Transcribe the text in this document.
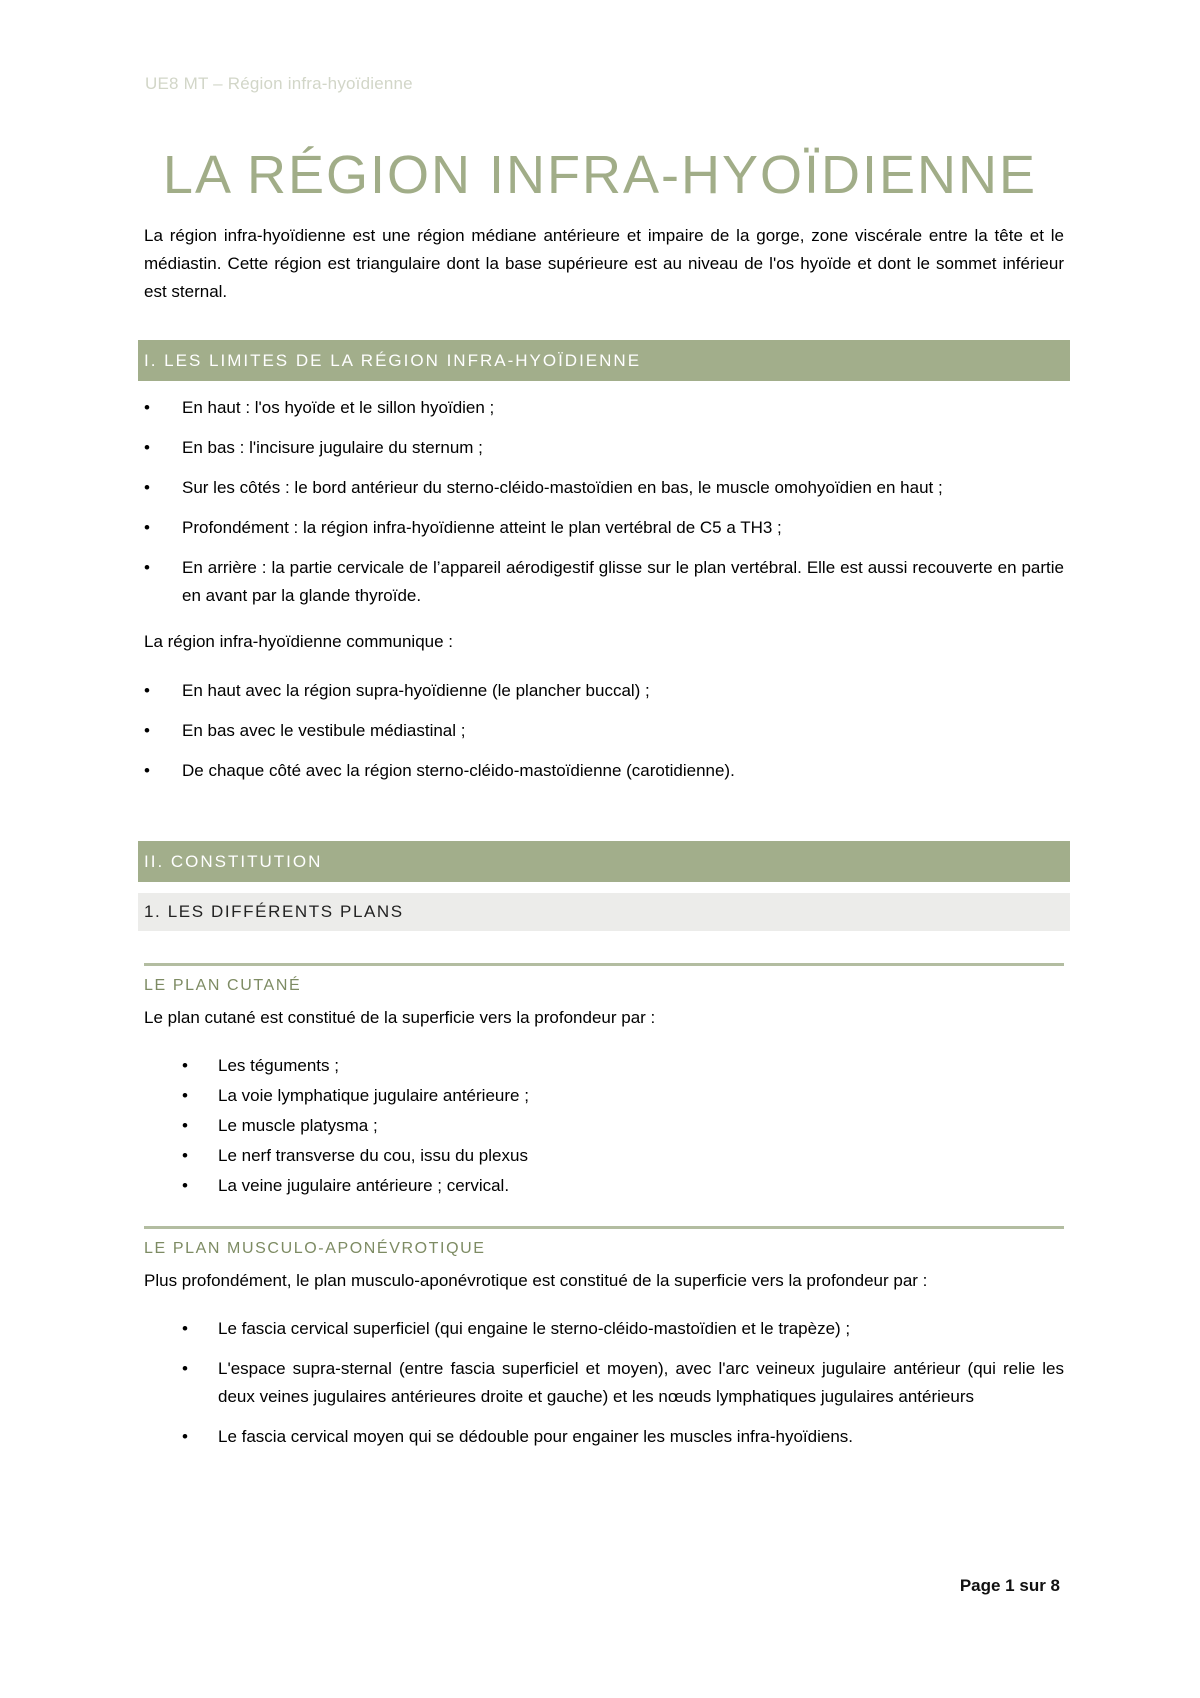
UE8 MT – Région infra-hyoïdienne
LA RÉGION INFRA-HYOÏDIENNE

La région infra-hyoïdienne est une région médiane antérieure et impaire de la gorge, zone viscérale entre la tête et le médiastin. Cette région est triangulaire dont la base supérieure est au niveau de l'os hyoïde et dont le sommet inférieur est sternal.

I. LES LIMITES DE LA RÉGION INFRA-HYOÏDIENNE
•	En haut : l'os hyoïde et le sillon hyoïdien ;
•	En bas : l'incisure jugulaire du sternum ;
•	Sur les côtés : le bord antérieur du sterno-cléido-mastoïdien en bas, le muscle omohyoïdien en haut ;
•	Profondément : la région infra-hyoïdienne atteint le plan vertébral de C5 a TH3 ;
•	En arrière : la partie cervicale de l’appareil aérodigestif glisse sur le plan vertébral. Elle est aussi recouverte en partie en avant par la glande thyroïde.

La région infra-hyoïdienne communique :

•	En haut avec la région supra-hyoïdienne (le plancher buccal) ;
•	En bas avec le vestibule médiastinal ;
•	De chaque côté avec la région sterno-cléido-mastoïdienne (carotidienne).
II. CONSTITUTION
1. LES DIFFÉRENTS PLANS
LE PLAN CUTANÉ

Le plan cutané est constitué de la superficie vers la profondeur par :

•	Les téguments ;
•	La voie lymphatique jugulaire antérieure ;
•	Le muscle platysma ;
•	Le nerf transverse du cou, issu du plexus
•	La veine jugulaire antérieure ; cervical.
LE PLAN MUSCULO-APONÉVROTIQUE

Plus profondément, le plan musculo-aponévrotique est constitué de la superficie vers la profondeur par :

•	Le fascia cervical superficiel (qui engaine le sterno-cléido-mastoïdien et le trapèze) ;
•	L'espace supra-sternal (entre fascia superficiel et moyen), avec l'arc veineux jugulaire antérieur (qui relie les deux veines jugulaires antérieures droite et gauche) et les nœuds lymphatiques jugulaires antérieurs
•	Le fascia cervical moyen qui se dédouble pour engainer les muscles infra-hyoïdiens.
Page 1 sur 8
